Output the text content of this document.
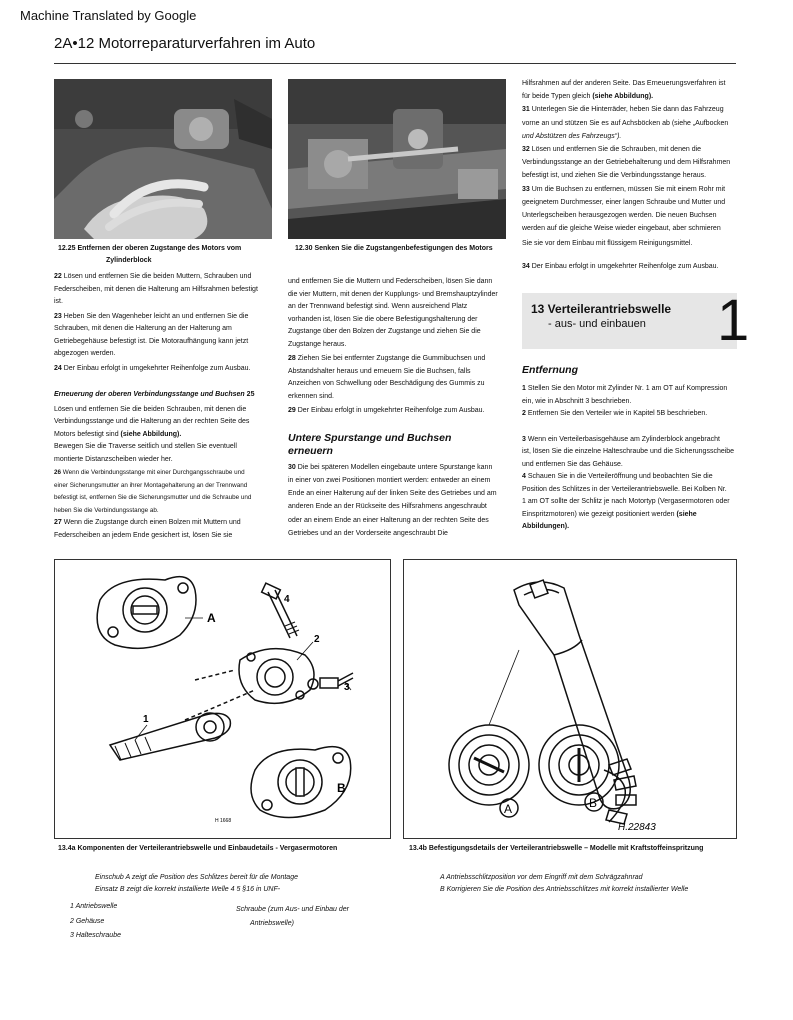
Machine Translated by Google
2A•12 Motorreparaturverfahren im Auto
12.25 Entfernen der oberen Zugstange des Motors vom
Zylinderblock
12.30 Senken Sie die Zugstangenbefestigungen des Motors
22 Lösen und entfernen Sie die beiden Muttern, Schrauben und
Federscheiben, mit denen die Halterung am Hilfsrahmen befestigt
ist.
23 Heben Sie den Wagenheber leicht an und entfernen Sie die
Schrauben, mit denen die Halterung an der Halterung am
Getriebegehäuse befestigt ist. Die Motoraufhängung kann jetzt
abgezogen werden.
24 Der Einbau erfolgt in umgekehrter Reihenfolge zum Ausbau.
Erneuerung der oberen Verbindungsstange und Buchsen 25
Lösen und entfernen Sie die beiden Schrauben, mit denen die
Verbindungsstange und die Halterung an der rechten Seite des
Motors befestigt sind (siehe Abbildung).
Bewegen Sie die Traverse seitlich und stellen Sie eventuell
montierte Distanzscheiben wieder her.
26 Wenn die Verbindungsstange mit einer Durchgangsschraube und
einer Sicherungsmutter an ihrer Montagehalterung an der Trennwand
befestigt ist, entfernen Sie die Sicherungsmutter und die Schraube und
heben Sie die Verbindungsstange ab.
27 Wenn die Zugstange durch einen Bolzen mit Muttern und
Federscheiben an jedem Ende gesichert ist, lösen Sie sie
und entfernen Sie die Muttern und Federscheiben, lösen Sie dann
die vier Muttern, mit denen der Kupplungs- und Bremshauptzylinder
an der Trennwand befestigt sind. Wenn ausreichend Platz
vorhanden ist, lösen Sie die obere Befestigungshalterung der
Zugstange über den Bolzen der Zugstange und ziehen Sie die
Zugstange heraus.
28 Ziehen Sie bei entfernter Zugstange die Gummibuchsen und
Abstandshalter heraus und erneuern Sie die Buchsen, falls
Anzeichen von Schwellung oder Beschädigung des Gummis zu
erkennen sind.
29 Der Einbau erfolgt in umgekehrter Reihenfolge zum Ausbau.
Untere Spurstange und Buchsen
erneuern
30 Die bei späteren Modellen eingebaute untere Spurstange kann
in einer von zwei Positionen montiert werden: entweder an einem
Ende an einer Halterung auf der linken Seite des Getriebes und am
anderen Ende an der Rückseite des Hilfsrahmens angeschraubt
oder an einem Ende an einer Halterung an der rechten Seite des
Getriebes und an der Vorderseite angeschraubt Die
Hilfsrahmen auf der anderen Seite. Das Erneuerungsverfahren ist
für beide Typen gleich (siehe Abbildung).
31 Unterlegen Sie die Hinterräder, heben Sie dann das Fahrzeug
vorne an und stützen Sie es auf Achsböcken ab (siehe „Aufbocken
und Abstützen des Fahrzeugs“).
32 Lösen und entfernen Sie die Schrauben, mit denen die
Verbindungsstange an der Getriebehalterung und dem Hilfsrahmen
befestigt ist, und ziehen Sie die Verbindungsstange heraus.
33 Um die Buchsen zu entfernen, müssen Sie mit einem Rohr mit
geeignetem Durchmesser, einer langen Schraube und Mutter und
Unterlegscheiben herausgezogen werden. Die neuen Buchsen
werden auf die gleiche Weise wieder eingebaut, aber schmieren
Sie sie vor dem Einbau mit flüssigem Reinigungsmittel.
34 Der Einbau erfolgt in umgekehrter Reihenfolge zum Ausbau.
13 Verteilerantriebswelle
- aus- und einbauen 1
Entfernung
1 Stellen Sie den Motor mit Zylinder Nr. 1 am OT auf Kompression
ein, wie in Abschnitt 3 beschrieben.
2 Entfernen Sie den Verteiler wie in Kapitel 5B beschrieben.
3 Wenn ein Verteilerbasisgehäuse am Zylinderblock angebracht
ist, lösen Sie die einzelne Halteschraube und die Sicherungsscheibe
und entfernen Sie das Gehäuse.
4 Schauen Sie in die Verteileröffnung und beobachten Sie die
Position des Schlitzes in der Verteilerantriebswelle. Bei Kolben Nr.
1 am OT sollte der Schlitz je nach Motortyp (Vergasermotoren oder
Einspritzmotoren) wie gezeigt positioniert werden (siehe
Abbildungen).
A
B
1
2
3
4
H 1668
13.4a Komponenten der Verteilerantriebswelle und Einbaudetails - Vergasermotoren
A	B
H.22843
13.4b Befestigungsdetails der Verteilerantriebswelle – Modelle mit Kraftstoffeinspritzung
Einschub A zeigt die Position des Schlitzes bereit für die Montage
Einsatz B zeigt die korrekt installierte Welle 4 5 §16 in UNF-
1 Antriebswelle
2 Gehäuse
3 Halteschraube
Schraube (zum Aus- und Einbau der
Antriebswelle)
A Antriebsschlitzposition vor dem Eingriff mit dem Schrägzahnrad
B Korrigieren Sie die Position des Antriebsschlitzes mit korrekt installierter Welle
